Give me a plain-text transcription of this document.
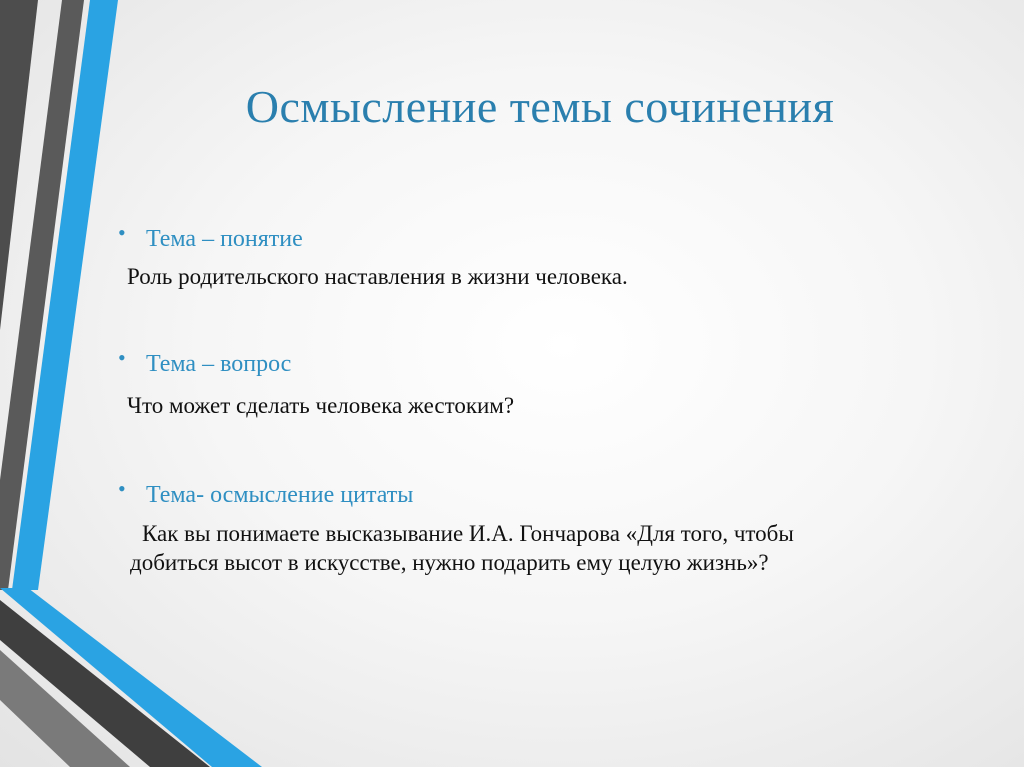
Осмысление темы сочинения
• Тема – понятие
Роль родительского наставления в жизни человека.
• Тема – вопрос
Что может сделать человека жестоким?
• Тема- осмысление цитаты
Как вы понимаете высказывание И.А. Гончарова «Для того, чтобы
добиться высот в искусстве, нужно подарить ему целую жизнь»?
